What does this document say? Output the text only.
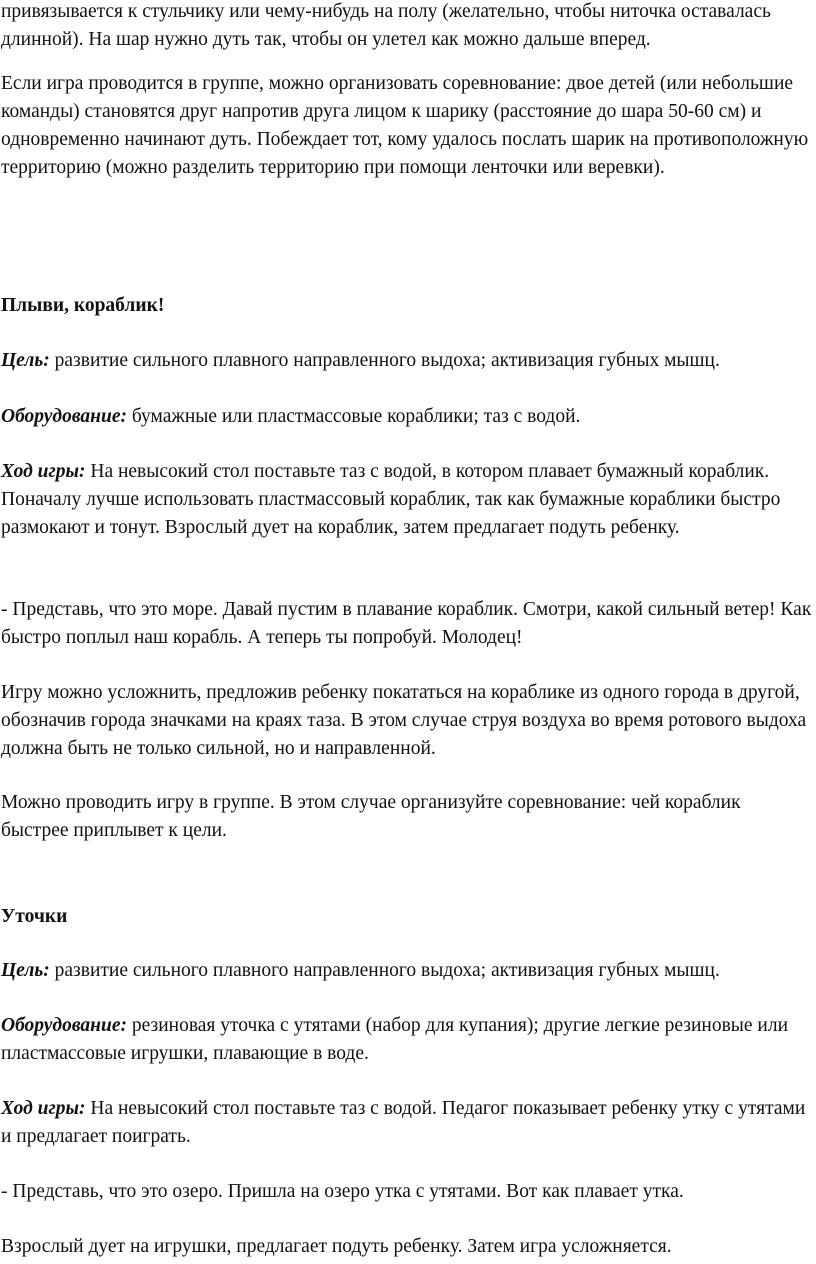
привязывается к стульчику или чему-нибудь на полу (желательно, чтобы ниточка оставалась длинной). На шар нужно дуть так, чтобы он улетел как можно дальше вперед.

Если игра проводится в группе, можно организовать соревнование: двое детей (или небольшие команды) становятся друг напротив друга лицом к шарику (расстояние до шара 50-60 см) и одновременно начинают дуть. Побеждает тот, кому удалось послать шарик на противоположную территорию (можно разделить территорию при помощи ленточки или веревки).

Плыви, кораблик!

Цель: развитие сильного плавного направленного выдоха; активизация губных мышц.

Оборудование: бумажные или пластмассовые кораблики; таз с водой.

Ход игры: На невысокий стол поставьте таз с водой, в котором плавает бумажный кораблик. Поначалу лучше использовать пластмассовый кораблик, так как бумажные кораблики быстро размокают и тонут. Взрослый дует на кораблик, затем предлагает подуть ребенку.

- Представь, что это море. Давай пустим в плавание кораблик. Смотри, какой сильный ветер! Как быстро поплыл наш корабль. А теперь ты попробуй. Молодец!

Игру можно усложнить, предложив ребенку покататься на кораблике из одного города в другой, обозначив города значками на краях таза. В этом случае струя воздуха во время ротового выдоха должна быть не только сильной, но и направленной.

Можно проводить игру в группе. В этом случае организуйте соревнование: чей кораблик быстрее приплывет к цели.

Уточки

Цель: развитие сильного плавного направленного выдоха; активизация губных мышц.

Оборудование: резиновая уточка с утятами (набор для купания); другие легкие резиновые или пластмассовые игрушки, плавающие в воде.

Ход игры: На невысокий стол поставьте таз с водой. Педагог показывает ребенку утку с утятами и предлагает поиграть.

- Представь, что это озеро. Пришла на озеро утка с утятами. Вот как плавает утка.

Взрослый дует на игрушки, предлагает подуть ребенку. Затем игра усложняется.
